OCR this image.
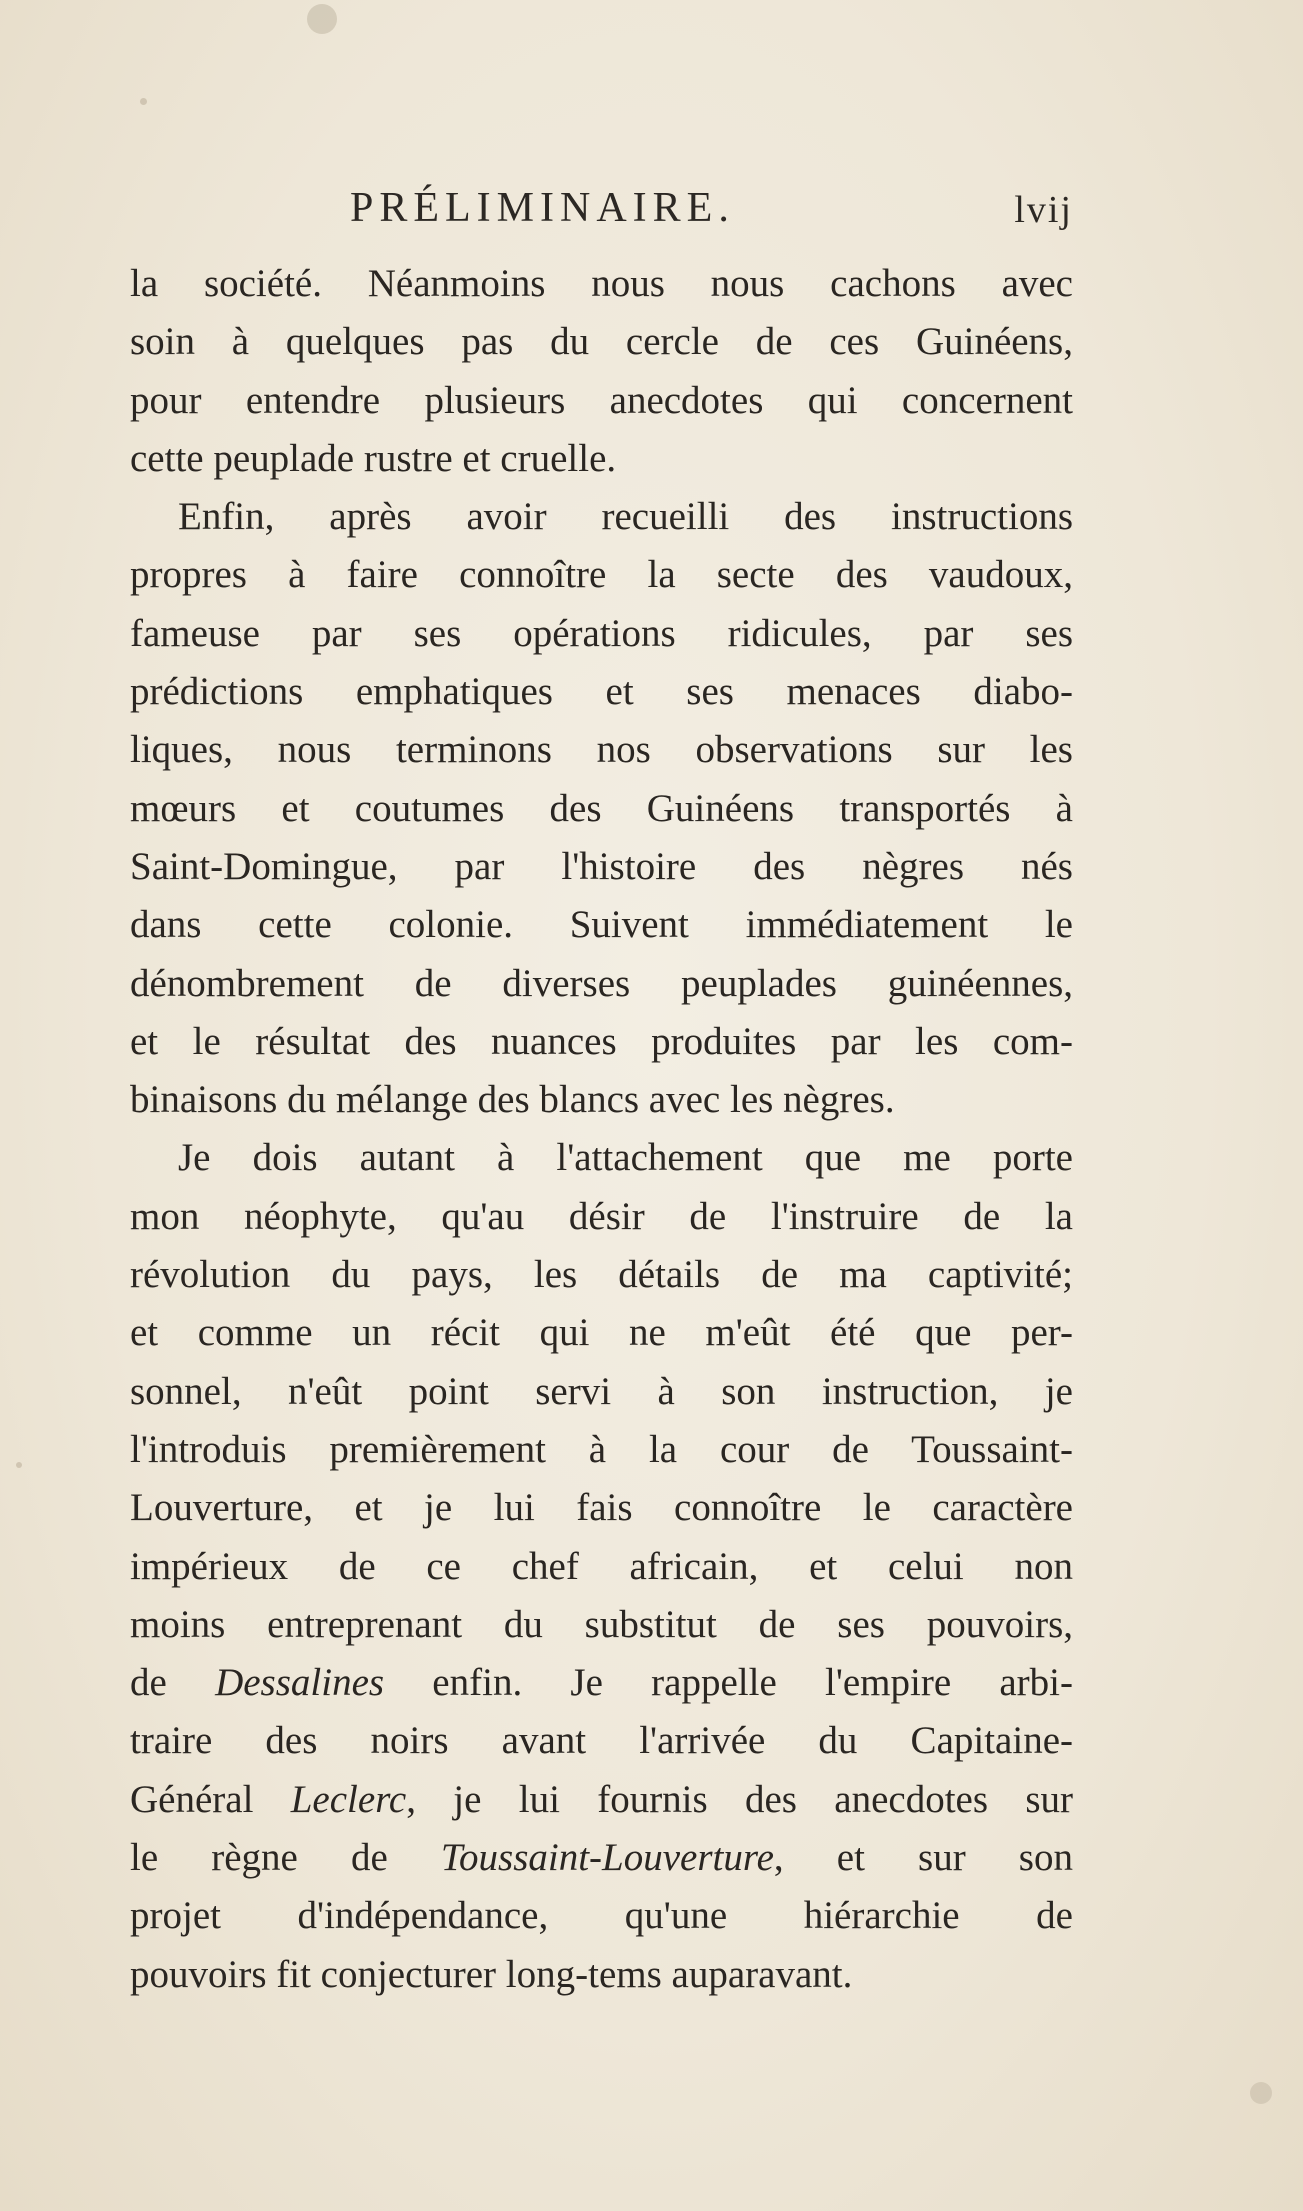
PRÉLIMINAIRE.	lvij
la société. Néanmoins nous nous cachons avec
soin à quelques pas du cercle de ces Guinéens,
pour entendre plusieurs anecdotes qui concernent
cette peuplade rustre et cruelle.
Enfin, après avoir recueilli des instructions
propres à faire connoître la secte des vaudoux,
fameuse par ses opérations ridicules, par ses
prédictions emphatiques et ses menaces diabo-
liques, nous terminons nos observations sur les
mœurs et coutumes des Guinéens transportés à
Saint-Domingue, par l'histoire des nègres nés
dans cette colonie. Suivent immédiatement le
dénombrement de diverses peuplades guinéennes,
et le résultat des nuances produites par les com-
binaisons du mélange des blancs avec les nègres.
Je dois autant à l'attachement que me porte
mon néophyte, qu'au désir de l'instruire de la
révolution du pays, les détails de ma captivité;
et comme un récit qui ne m'eût été que per-
sonnel, n'eût point servi à son instruction, je
l'introduis premièrement à la cour de Toussaint-
Louverture, et je lui fais connoître le caractère
impérieux de ce chef africain, et celui non
moins entreprenant du substitut de ses pouvoirs,
de Dessalines enfin. Je rappelle l'empire arbi-
traire des noirs avant l'arrivée du Capitaine-
Général Leclerc, je lui fournis des anecdotes sur
le règne de Toussaint-Louverture, et sur son
projet d'indépendance, qu'une hiérarchie de
pouvoirs fit conjecturer long-tems auparavant.
